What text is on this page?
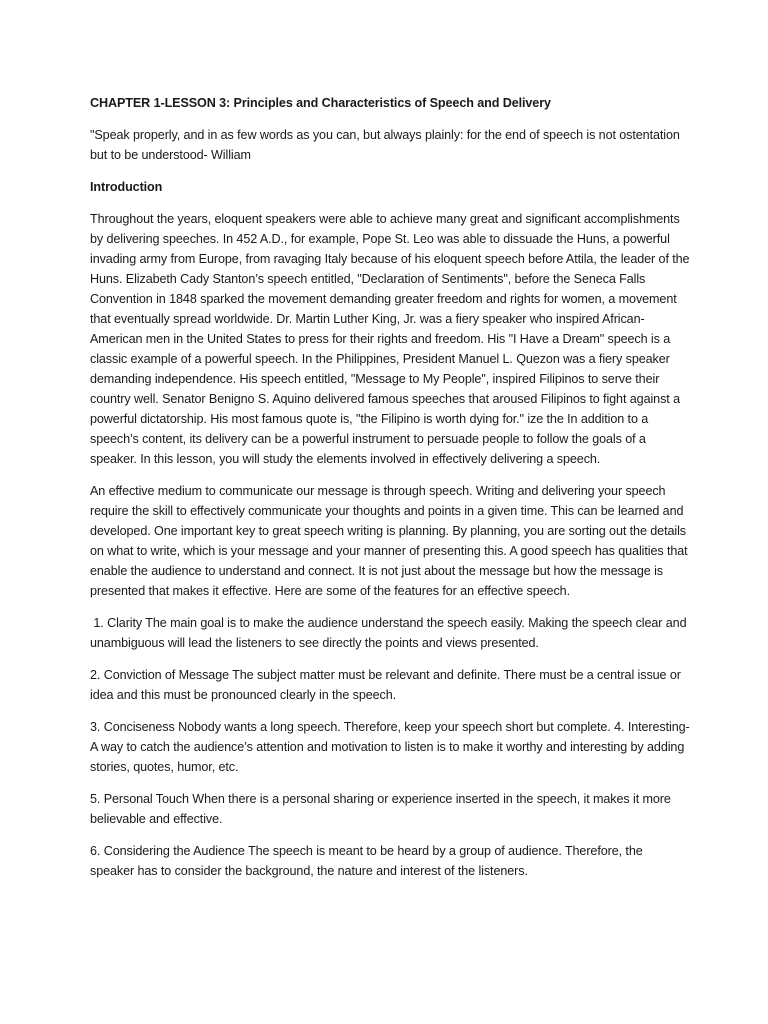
CHAPTER 1-LESSON 3: Principles and Characteristics of Speech and Delivery

"Speak properly, and in as few words as you can, but always plainly: for the end of speech is not ostentation but to be understood- William

Introduction

Throughout the years, eloquent speakers were able to achieve many great and significant accomplishments by delivering speeches. In 452 A.D., for example, Pope St. Leo was able to dissuade the Huns, a powerful invading army from Europe, from ravaging Italy because of his eloquent speech before Attila, the leader of the Huns. Elizabeth Cady Stanton’s speech entitled, "Declaration of Sentiments", before the Seneca Falls Convention in 1848 sparked the movement demanding greater freedom and rights for women, a movement that eventually spread worldwide. Dr. Martin Luther King, Jr. was a fiery speaker who inspired African-American men in the United States to press for their rights and freedom. His "I Have a Dream" speech is a classic example of a powerful speech. In the Philippines, President Manuel L. Quezon was a fiery speaker demanding independence. His speech entitled, "Message to My People", inspired Filipinos to serve their country well. Senator Benigno S. Aquino delivered famous speeches that aroused Filipinos to fight against a powerful dictatorship. His most famous quote is, "the Filipino is worth dying for." ize the In addition to a speech’s content, its delivery can be a powerful instrument to persuade people to follow the goals of a speaker. In this lesson, you will study the elements involved in effectively delivering a speech.

An effective medium to communicate our message is through speech. Writing and delivering your speech require the skill to effectively communicate your thoughts and points in a given time. This can be learned and developed. One important key to great speech writing is planning. By planning, you are sorting out the details on what to write, which is your message and your manner of presenting this. A good speech has qualities that enable the audience to understand and connect. It is not just about the message but how the message is presented that makes it effective. Here are some of the features for an effective speech.

1. Clarity The main goal is to make the audience understand the speech easily. Making the speech clear and unambiguous will lead the listeners to see directly the points and views presented.

2. Conviction of Message The subject matter must be relevant and definite. There must be a central issue or idea and this must be pronounced clearly in the speech.

3. Conciseness Nobody wants a long speech. Therefore, keep your speech short but complete. 4. Interesting-A way to catch the audience’s attention and motivation to listen is to make it worthy and interesting by adding stories, quotes, humor, etc.

5. Personal Touch When there is a personal sharing or experience inserted in the speech, it makes it more believable and effective.

6. Considering the Audience The speech is meant to be heard by a group of audience. Therefore, the speaker has to consider the background, the nature and interest of the listeners.
